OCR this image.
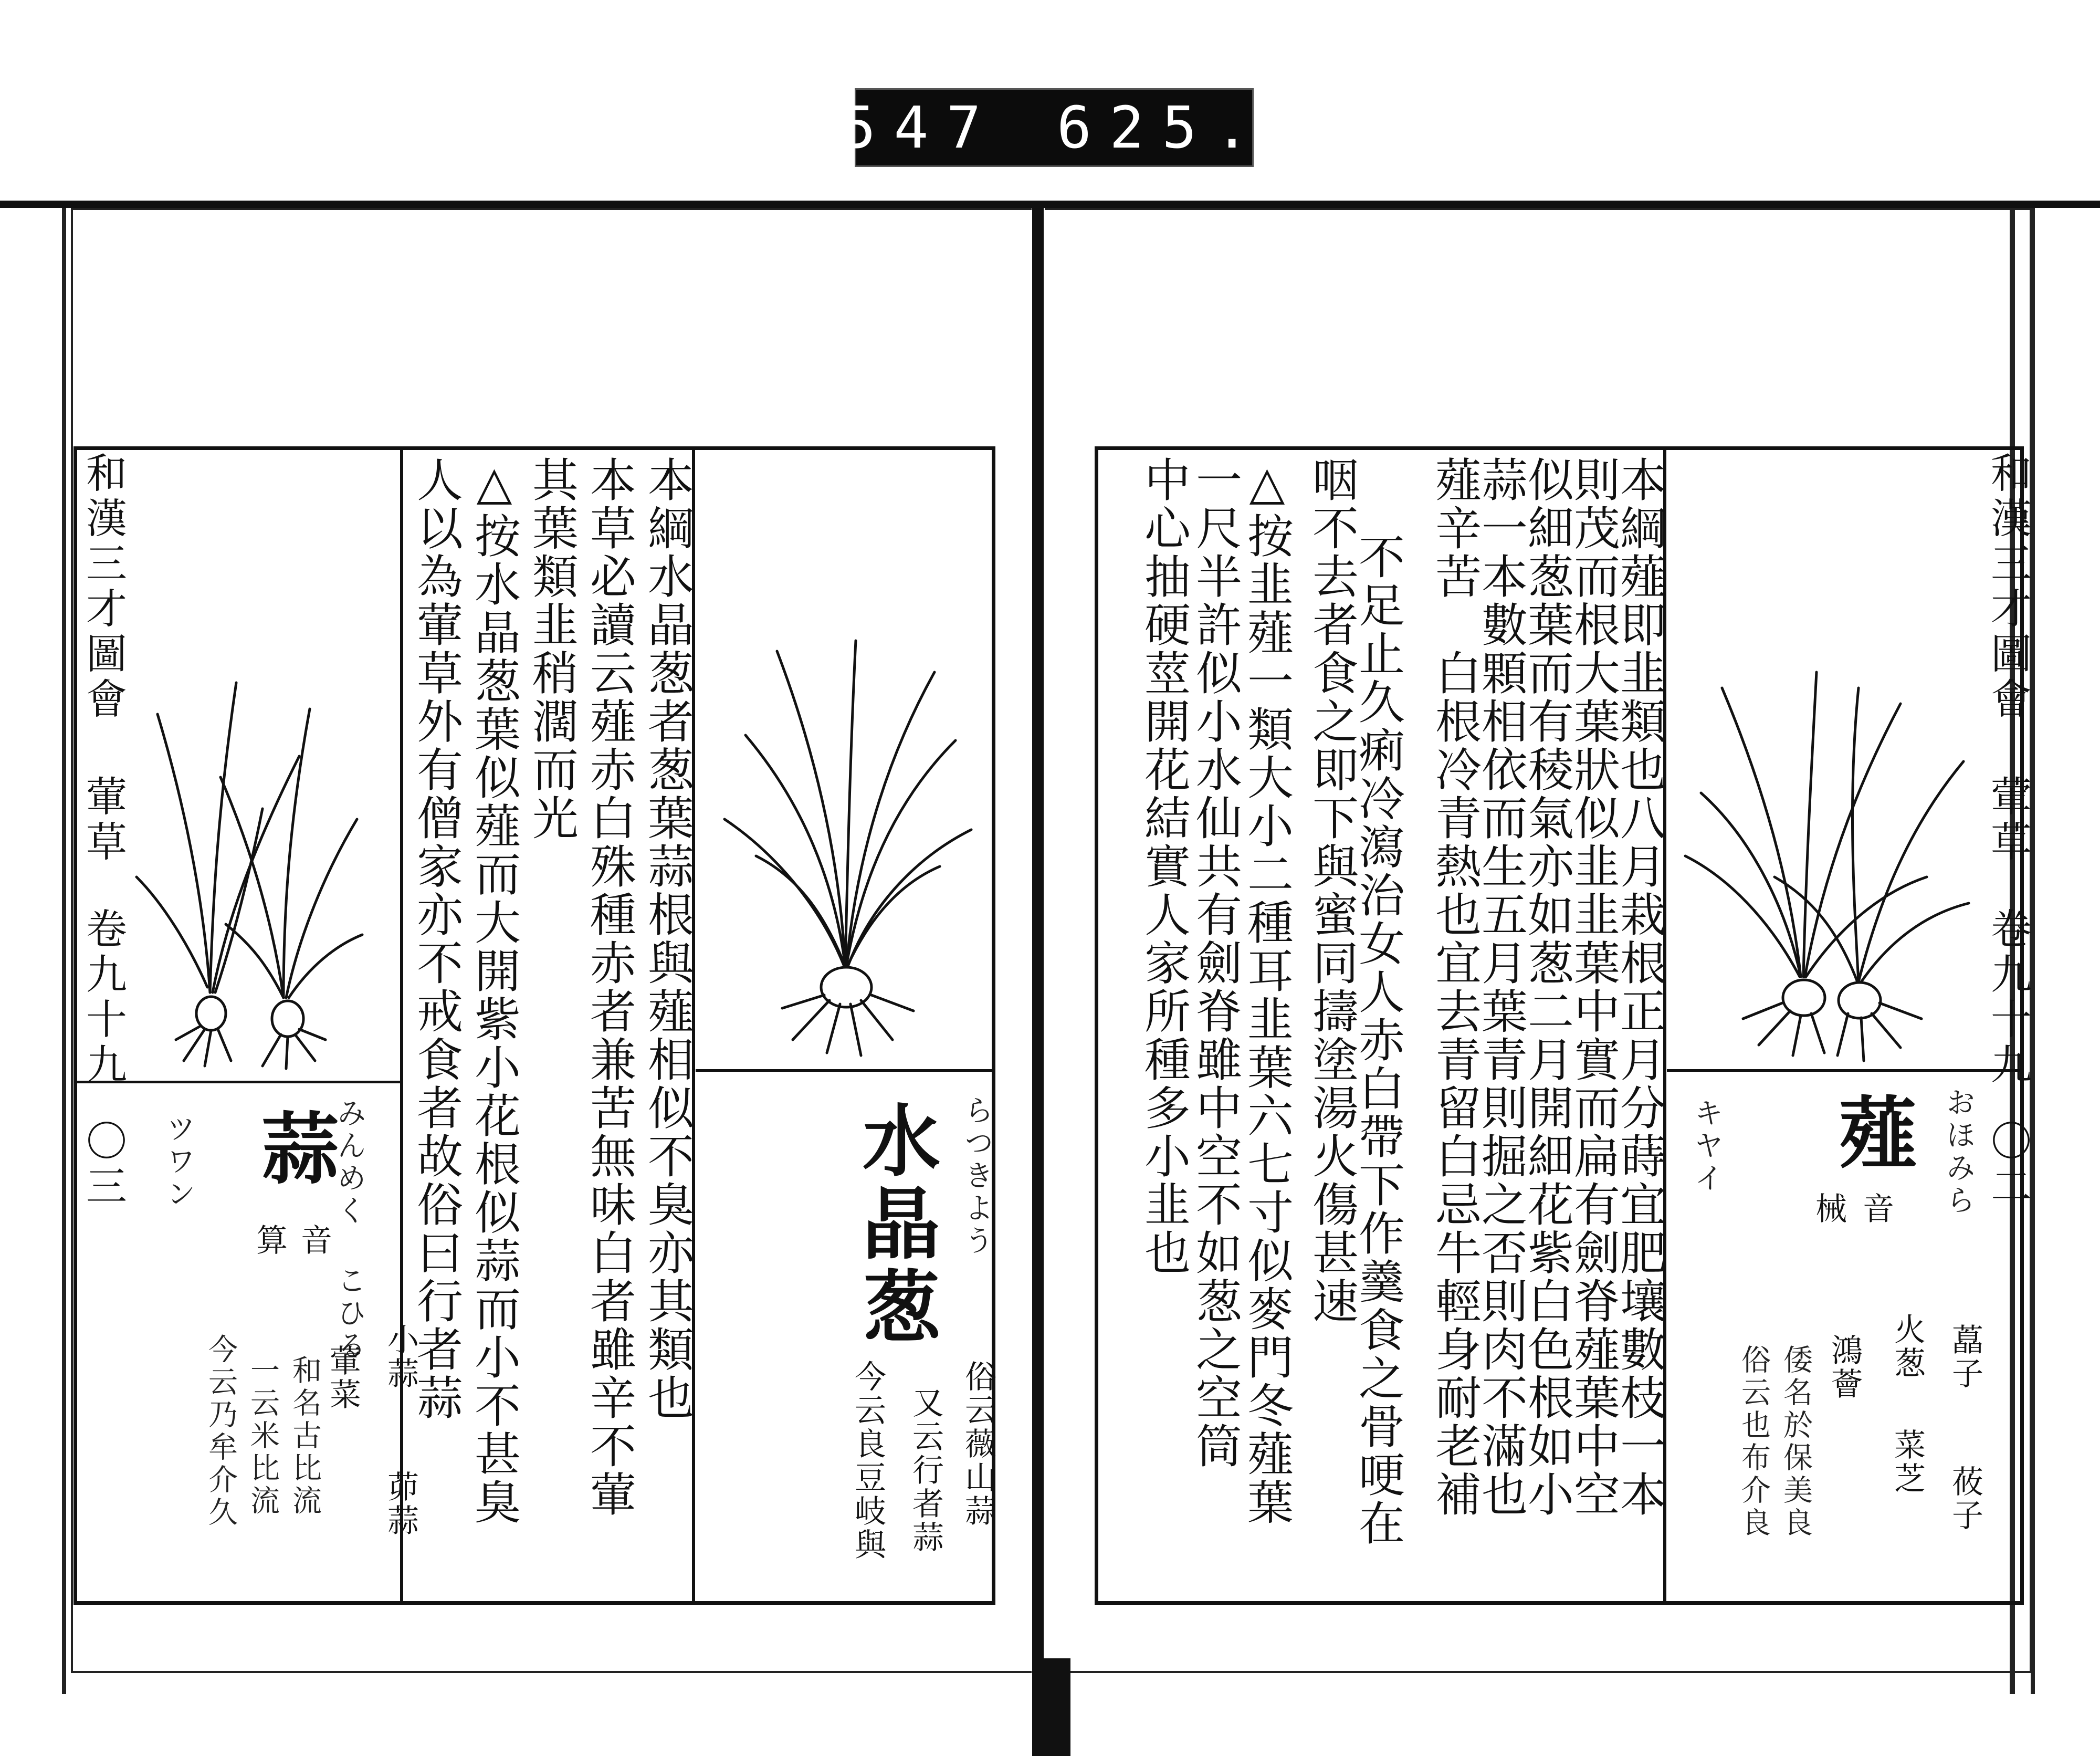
547 625.
和漢三才圖會葷草卷九十九〇三	みんめく こひる
蒜
ツワン
音
算
小蒜
茆蒜
葷菜
和名古比流
一云米比流
今云乃牟介久
らつきよう
水晶葱
俗云薇山蒜
又云行者蒜
今云良豆岐與
本綱水晶葱者葱葉蒜根與薤相似不臭亦其類也
本草必讀云薤赤白殊種赤者兼苦無味白者雖辛不葷
其葉類韭稍濶而光
△按水晶葱葉似薤而大開紫小花根似蒜而小不甚臭
人以為葷草外有僧家亦不戒食者故俗曰行者蒜	和漢三才圖會葷草卷九十九〇二
おほみら
薤
キヤイ
音
械
藠子
莜子
火葱
菜芝
鴻薈
倭名於保美良
俗云也布介良
本綱薤即韭類也八月栽根正月分蒔宜肥壤數枝一本
則茂而根大葉狀似韭韭葉中實而扁有劍脊薤葉中空
似細葱葉而有稜氣亦如葱二月開細花紫白色根如小
蒜一本數顆相依而生五月葉青則掘之否則肉不滿也
薤辛苦　白根冷青熱也宜去青留白忌牛輕身耐老補
不足止久痢冷瀉治女人赤白帶下作羹食之骨哽在
咽不去者食之即下與蜜同擣塗湯火傷甚速
△按韭薤一類大小二種耳韭葉六七寸似麥門冬薤葉
一尺半許似小水仙共有劍脊雖中空不如葱之空筒
中心抽硬莖開花結實人家所種多小韭也
